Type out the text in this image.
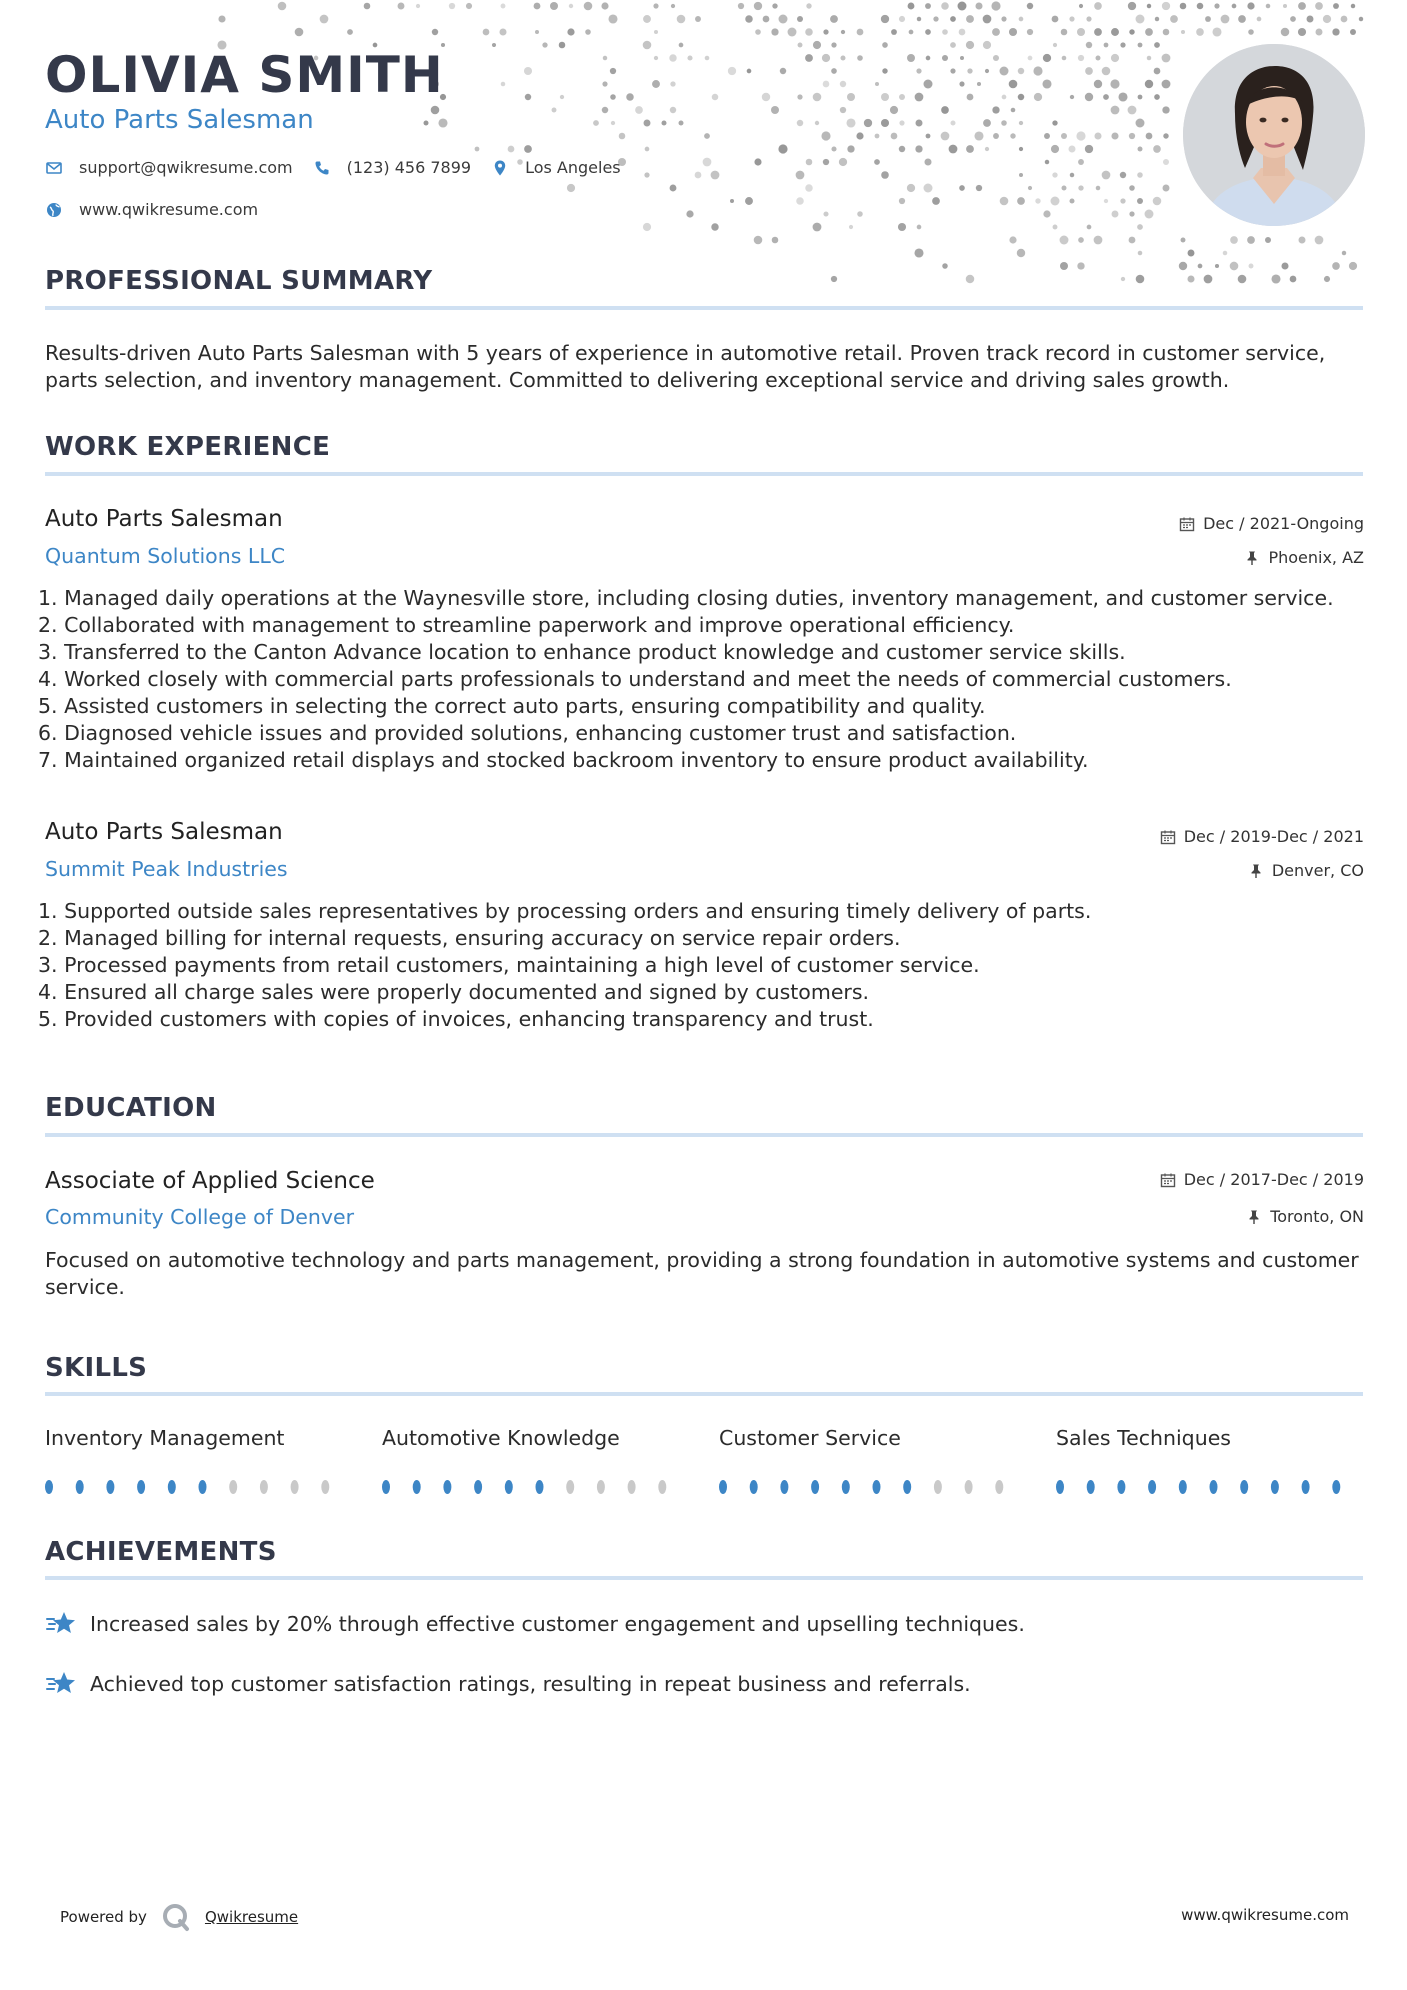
OLIVIA SMITH
Auto Parts Salesman
support@qwikresume.com	(123) 456 7899	Los Angeles
www.qwikresume.com
PROFESSIONAL SUMMARY
Results-driven Auto Parts Salesman with 5 years of experience in automotive retail. Proven track record in customer service, parts selection, and inventory management. Committed to delivering exceptional service and driving sales growth.
WORK EXPERIENCE
Auto Parts Salesman	Dec / 2021-Ongoing
Quantum Solutions LLC	Phoenix, AZ
1. Managed daily operations at the Waynesville store, including closing duties, inventory management, and customer service.
2. Collaborated with management to streamline paperwork and improve operational efficiency.
3. Transferred to the Canton Advance location to enhance product knowledge and customer service skills.
4. Worked closely with commercial parts professionals to understand and meet the needs of commercial customers.
5. Assisted customers in selecting the correct auto parts, ensuring compatibility and quality.
6. Diagnosed vehicle issues and provided solutions, enhancing customer trust and satisfaction.
7. Maintained organized retail displays and stocked backroom inventory to ensure product availability.
Auto Parts Salesman	Dec / 2019-Dec / 2021
Summit Peak Industries	Denver, CO
1. Supported outside sales representatives by processing orders and ensuring timely delivery of parts.
2. Managed billing for internal requests, ensuring accuracy on service repair orders.
3. Processed payments from retail customers, maintaining a high level of customer service.
4. Ensured all charge sales were properly documented and signed by customers.
5. Provided customers with copies of invoices, enhancing transparency and trust.
EDUCATION
Associate of Applied Science	Dec / 2017-Dec / 2019
Community College of Denver	Toronto, ON
Focused on automotive technology and parts management, providing a strong foundation in automotive systems and customer service.
SKILLS
Inventory Management	Automotive Knowledge	Customer Service	Sales Techniques
ACHIEVEMENTS
Increased sales by 20% through effective customer engagement and upselling techniques.
Achieved top customer satisfaction ratings, resulting in repeat business and referrals.
Powered by	Qwikresume	www.qwikresume.com
